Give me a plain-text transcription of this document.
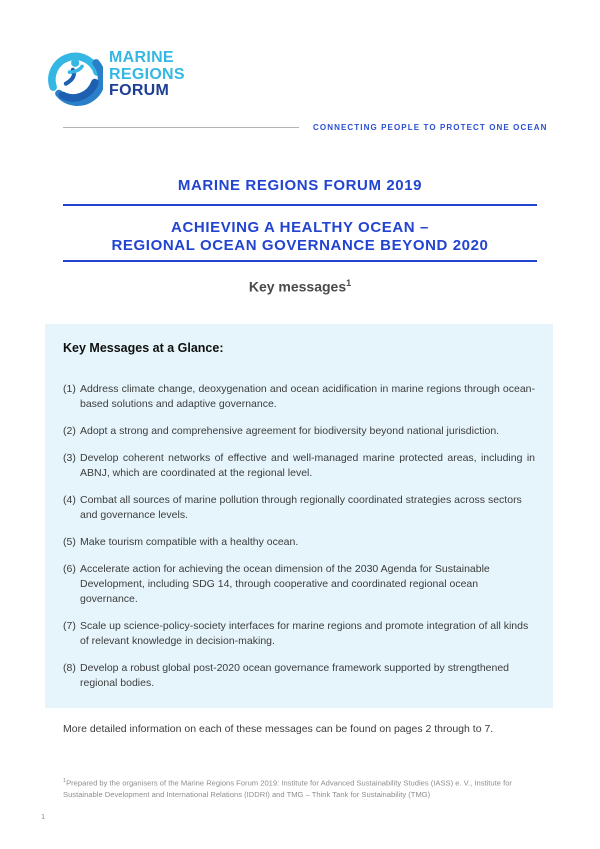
MARINE
REGIONS
FORUM
CONNECTING PEOPLE TO PROTECT ONE OCEAN
MARINE REGIONS FORUM 2019
ACHIEVING A HEALTHY OCEAN –
REGIONAL OCEAN GOVERNANCE BEYOND 2020
Key messages$^1$
Key Messages at a Glance:
(1) Address climate change, deoxygenation and ocean acidification in marine regions through ocean-based solutions and adaptive governance.
(2) Adopt a strong and comprehensive agreement for biodiversity beyond national jurisdiction.
(3) Develop coherent networks of effective and well-managed marine protected areas, including in ABNJ, which are coordinated at the regional level.
(4) Combat all sources of marine pollution through regionally coordinated strategies across sectors and governance levels.
(5) Make tourism compatible with a healthy ocean.
(6) Accelerate action for achieving the ocean dimension of the 2030 Agenda for Sustainable Development, including SDG 14, through cooperative and coordinated regional ocean governance.
(7) Scale up science-policy-society interfaces for marine regions and promote integration of all kinds of relevant knowledge in decision-making.
(8) Develop a robust global post-2020 ocean governance framework supported by strengthened regional bodies.
More detailed information on each of these messages can be found on pages 2 through to 7.
$^1$Prepared by the organisers of the Marine Regions Forum 2019: Institute for Advanced Sustainability Studies (IASS) e. V., Institute for Sustainable Development and International Relations (IDDRI) and TMG – Think Tank for Sustainability (TMG)
1
